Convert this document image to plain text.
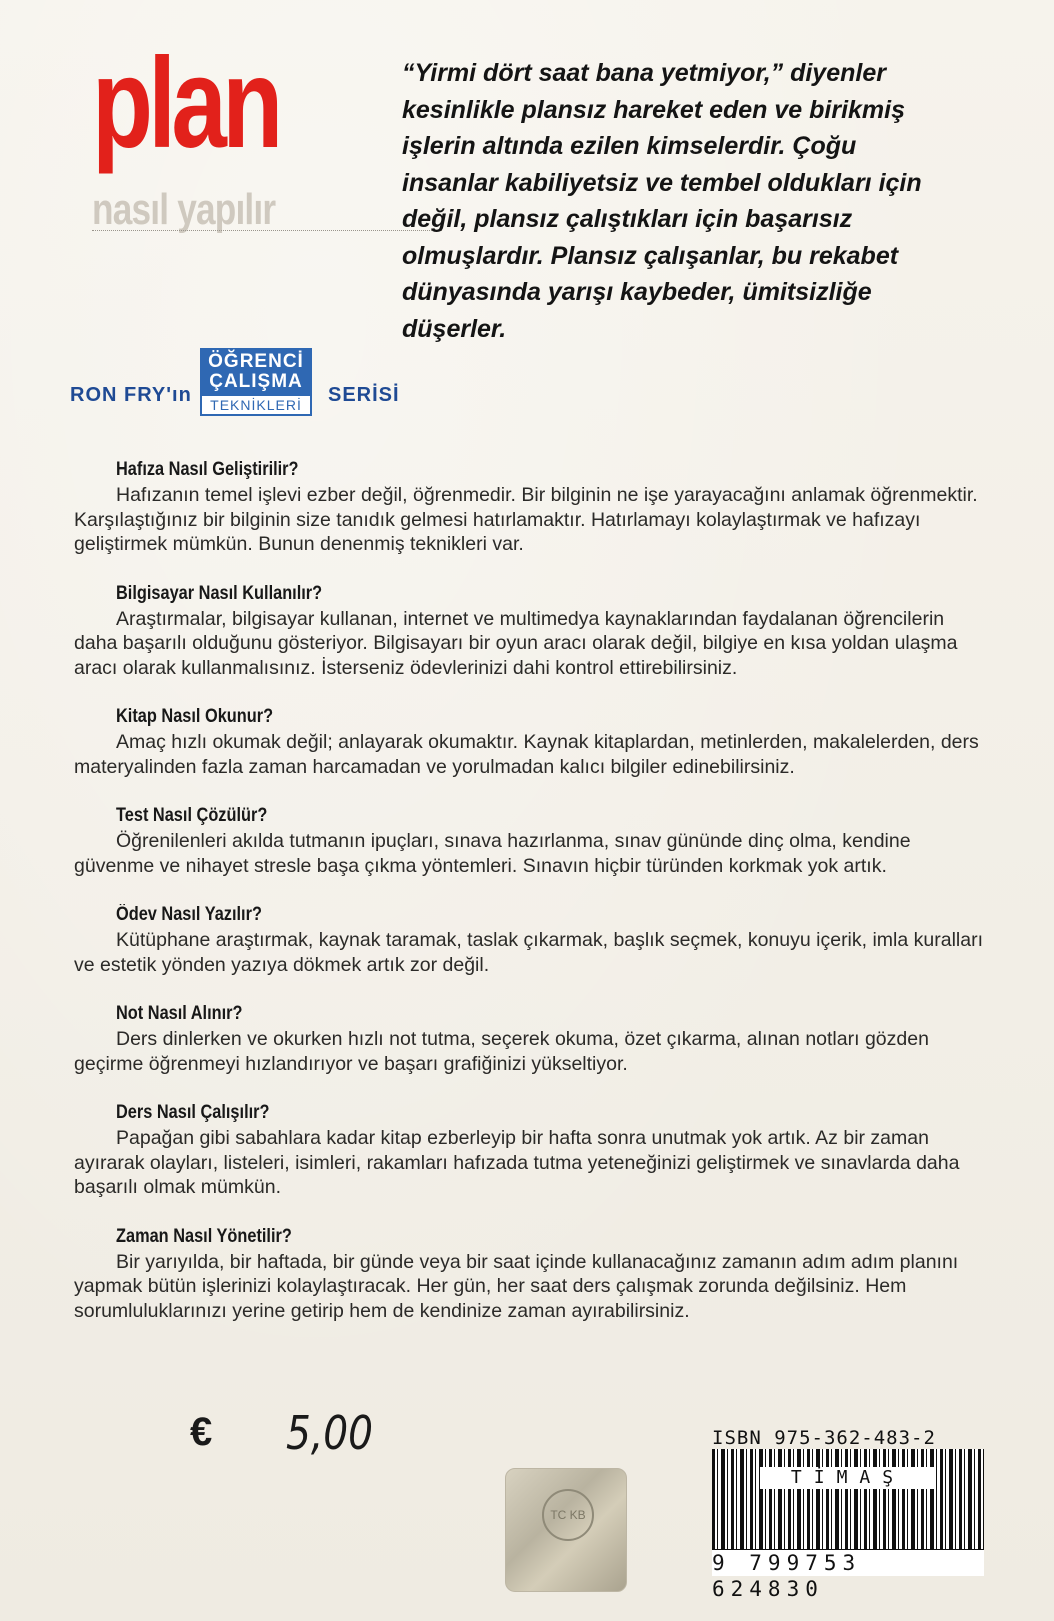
plan
nasıl yapılır
“Yirmi dört saat bana yetmiyor,” diyenler
kesinlikle plansız hareket eden ve birikmiş
işlerin altında ezilen kimselerdir. Çoğu
insanlar kabiliyetsiz ve tembel oldukları için
değil, plansız çalıştıkları için başarısız
olmuşlardır. Plansız çalışanlar, bu rekabet
dünyasında yarışı kaybeder, ümitsizliğe
düşerler.
RON FRY'ın
ÖĞRENCİ
ÇALIŞMA
TEKNİKLERİ	SERİSİ
Hafıza Nasıl Geliştirilir?

Hafızanın temel işlevi ezber değil, öğrenmedir. Bir bilginin ne işe yarayacağını anlamak öğrenmektir. Karşılaştığınız bir bilginin size tanıdık gelmesi hatırlamaktır. Hatırlamayı kolaylaştırmak ve hafızayı geliştirmek mümkün. Bunun denenmiş teknikleri var.

Bilgisayar Nasıl Kullanılır?

Araştırmalar, bilgisayar kullanan, internet ve multimedya kaynaklarından faydalanan öğrencilerin daha başarılı olduğunu gösteriyor. Bilgisayarı bir oyun aracı olarak değil, bilgiye en kısa yoldan ulaşma aracı olarak kullanmalısınız. İsterseniz ödevlerinizi dahi kontrol ettirebilirsiniz.

Kitap Nasıl Okunur?

Amaç hızlı okumak değil; anlayarak okumaktır. Kaynak kitaplardan, metinlerden, makalelerden, ders materyalinden fazla zaman harcamadan ve yorulmadan kalıcı bilgiler edinebilirsiniz.

Test Nasıl Çözülür?

Öğrenilenleri akılda tutmanın ipuçları, sınava hazırlanma, sınav gününde dinç olma, kendine güvenme ve nihayet stresle başa çıkma yöntemleri. Sınavın hiçbir türünden korkmak yok artık.

Ödev Nasıl Yazılır?

Kütüphane araştırmak, kaynak taramak, taslak çıkarmak, başlık seçmek, konuyu içerik, imla kuralları ve estetik yönden yazıya dökmek artık zor değil.

Not Nasıl Alınır?

Ders dinlerken ve okurken hızlı not tutma, seçerek okuma, özet çıkarma, alınan notları gözden geçirme öğrenmeyi hızlandırıyor ve başarı grafiğinizi yükseltiyor.

Ders Nasıl Çalışılır?

Papağan gibi sabahlara kadar kitap ezberleyip bir hafta sonra unutmak yok artık. Az bir zaman ayırarak olayları, listeleri, isimleri, rakamları hafızada tutma yeteneğinizi geliştirmek ve sınavlarda daha başarılı olmak mümkün.

Zaman Nasıl Yönetilir?

Bir yarıyılda, bir haftada, bir günde veya bir saat içinde kullanacağınız zamanın adım adım planını yapmak bütün işlerinizi kolaylaştıracak. Her gün, her saat ders çalışmak zorunda değilsiniz. Hem sorumluluklarınızı yerine getirip hem de kendinize zaman ayırabilirsiniz.

€ 5,00
TC KB
ISBN 975-362-483-2
TİMAŞ
9 799753 624830
